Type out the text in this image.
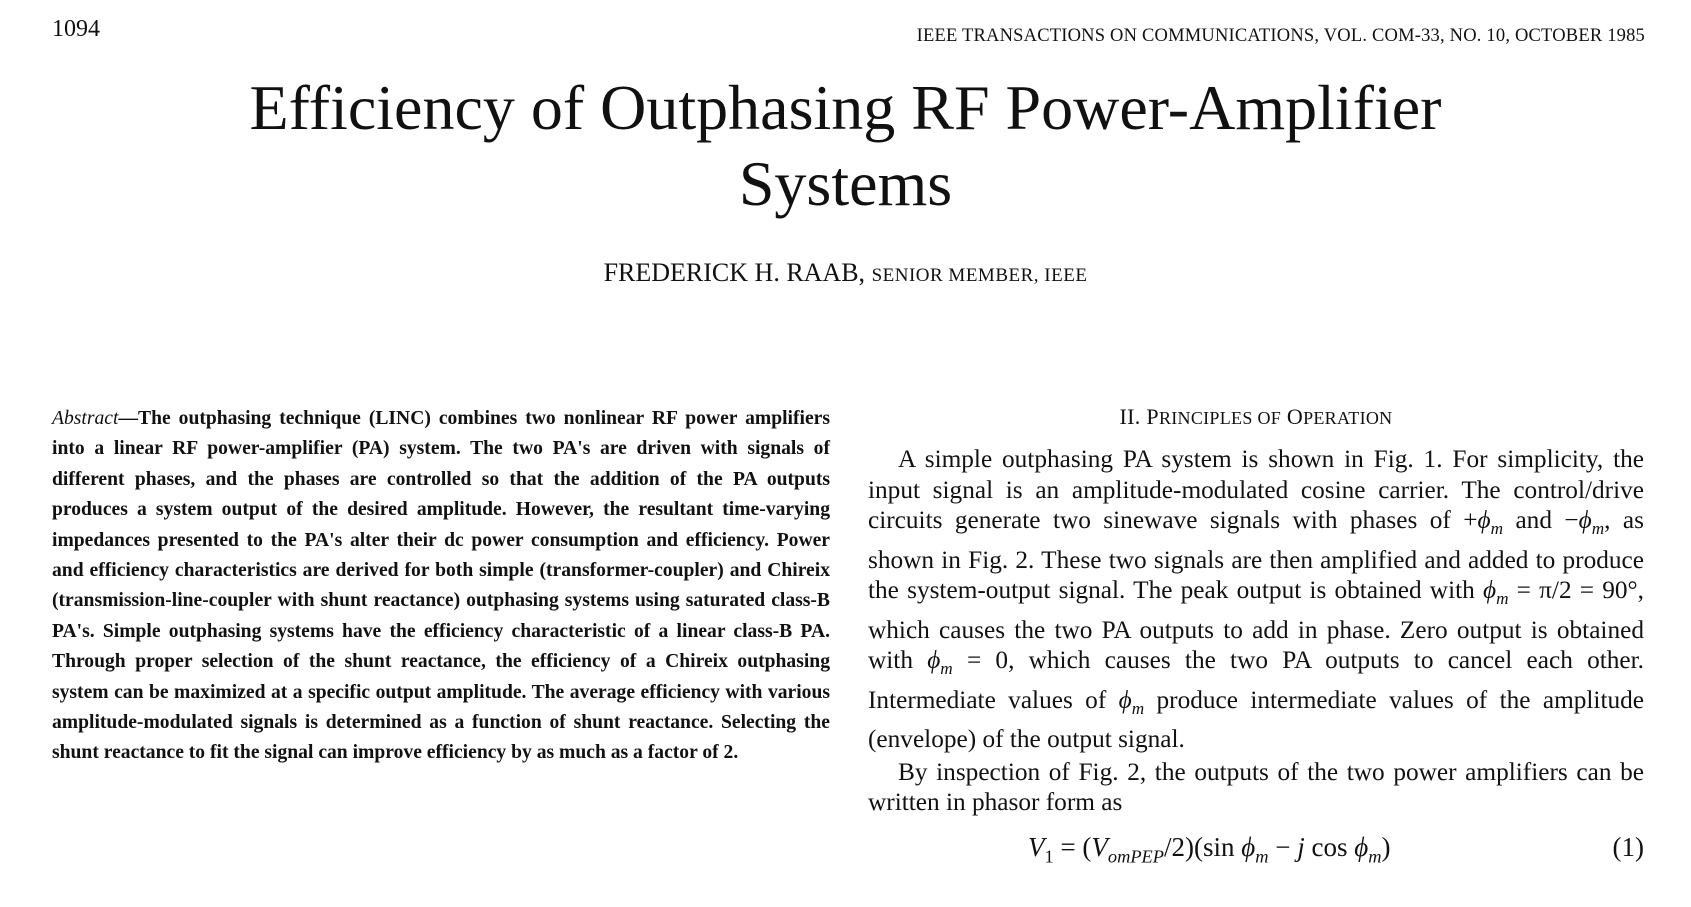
1094	IEEE TRANSACTIONS ON COMMUNICATIONS, VOL. COM-33, NO. 10, OCTOBER 1985
Efficiency of Outphasing RF Power-Amplifier
Systems
FREDERICK H. RAAB, SENIOR MEMBER, IEEE

Abstract—The outphasing technique (LINC) combines two nonlinear RF power amplifiers into a linear RF power-amplifier (PA) system. The two PA's are driven with signals of different phases, and the phases are controlled so that the addition of the PA outputs produces a system output of the desired amplitude. However, the resultant time-varying impedances presented to the PA's alter their dc power consumption and efficiency. Power and efficiency characteristics are derived for both simple (transformer-coupler) and Chireix (transmission-line-coupler with shunt reactance) outphasing systems using saturated class-B PA's. Simple outphasing systems have the efficiency characteristic of a linear class-B PA. Through proper selection of the shunt reactance, the efficiency of a Chireix outphasing system can be maximized at a specific output amplitude. The average efficiency with various amplitude-modulated signals is determined as a function of shunt reactance. Selecting the shunt reactance to fit the signal can improve efficiency by as much as a factor of 2.

II. PRINCIPLES OF OPERATION

A simple outphasing PA system is shown in Fig. 1. For simplicity, the input signal is an amplitude-modulated cosine carrier. The control/drive circuits generate two sinewave signals with phases of $+\phi_m$ and $-\phi_m$, as shown in Fig. 2. These two signals are then amplified and added to produce the system-output signal. The peak output is obtained with $\phi_m = \pi/2 = 90^\circ$, which causes the two PA outputs to add in phase. Zero output is obtained with $\phi_m = 0$, which causes the two PA outputs to cancel each other. Intermediate values of $\phi_m$ produce intermediate values of the amplitude (envelope) of the output signal.

By inspection of Fig. 2, the outputs of the two power amplifiers can be written in phasor form as

$V_1 = (V_{omPEP}/2)(\sin$ $\phi_m - j$ $\cos \phi_m$)	(1)
